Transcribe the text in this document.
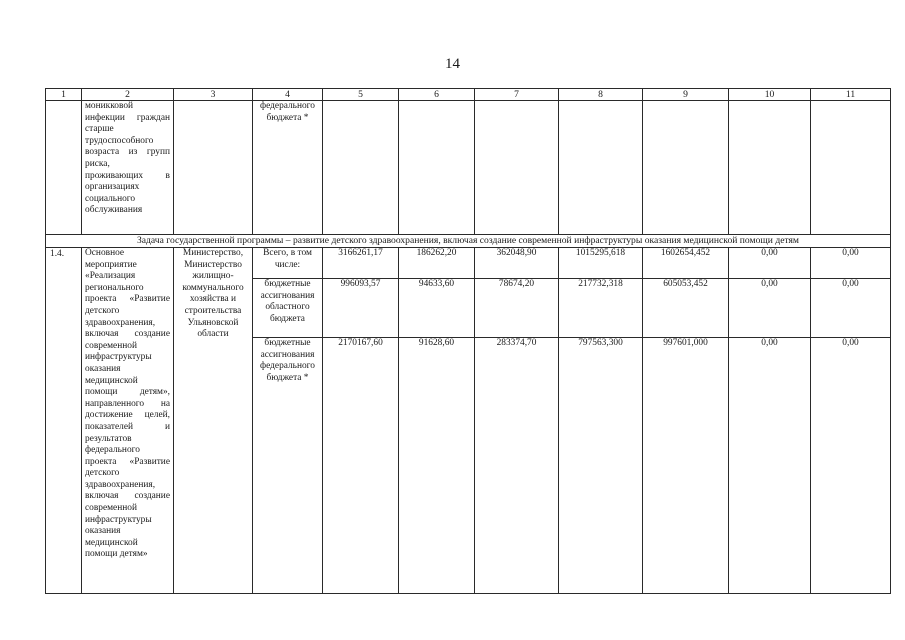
14
1	2	3	4	5	6	7	8	9	10	11
	моникковой инфекции граждан старше трудоспособного возраста из групп риска, проживающих в организациях социального обслуживания		федерального бюджета *							
Задача государственной программы – развитие детского здравоохранения, включая создание современной инфраструктуры оказания медицинской помощи детям										
1.4.	Основное мероприятие «Реализация регионального проекта «Развитие детского здравоохранения, включая создание современной инфраструктуры оказания медицинской помощи детям», направленного на достижение целей, показателей и результатов федерального проекта «Развитие детского здравоохранения, включая создание современной инфраструктуры оказания медицинской помощи детям»	Министерство, Министерство жилищно-коммунального хозяйства и строительства Ульяновской области	Всего, в том числе:	3166261,17	186262,20	362048,90	1015295,618	1602654,452	0,00	0,00
			бюджетные ассигнования областного бюджета	996093,57	94633,60	78674,20	217732,318	605053,452	0,00	0,00
			бюджетные ассигнования федерального бюджета *	2170167,60	91628,60	283374,70	797563,300	997601,000	0,00	0,00
